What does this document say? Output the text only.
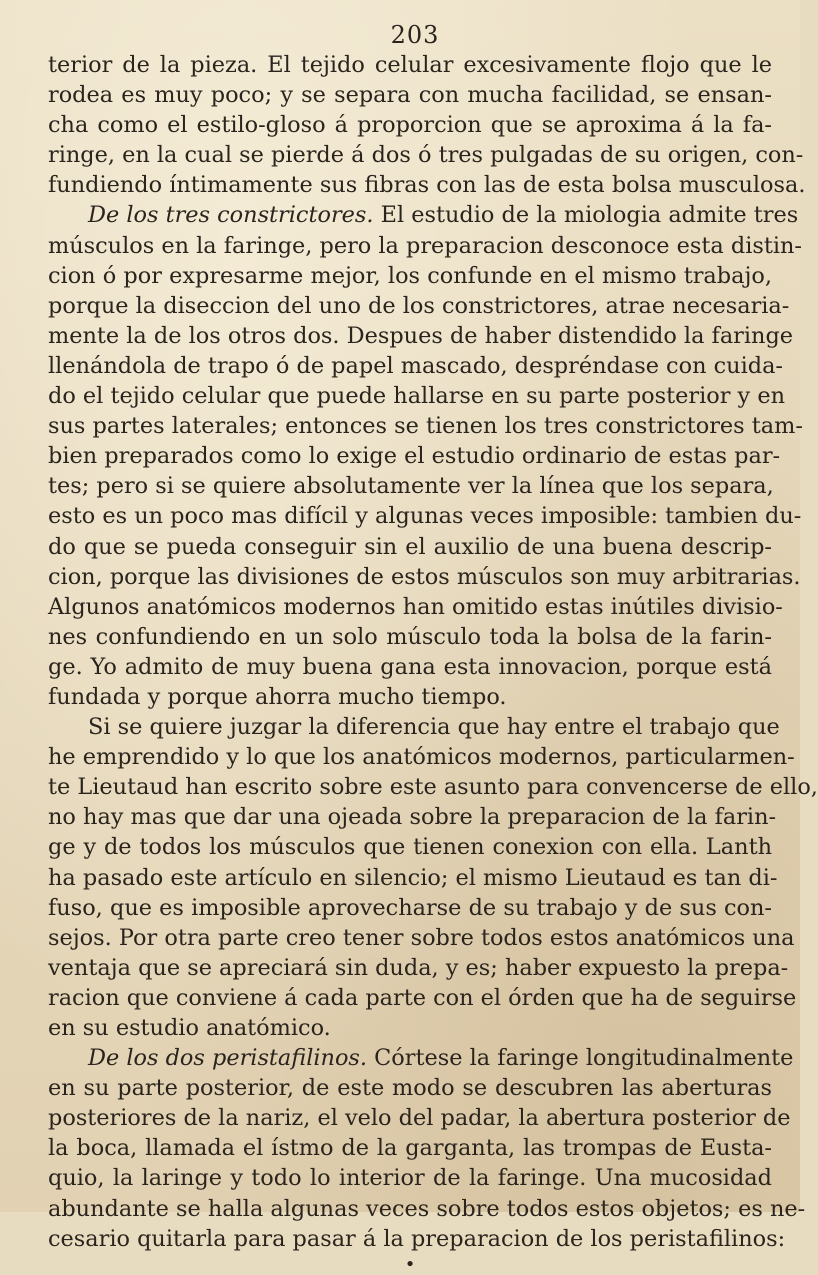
203
terior de la pieza. El tejido celular excesivamente flojo que le
rodea es muy poco; y se separa con mucha facilidad, se ensan-
cha como el estilo-gloso á proporcion que se aproxima á la fa-
ringe, en la cual se pierde á dos ó tres pulgadas de su origen, con-
fundiendo íntimamente sus fibras con las de esta bolsa musculosa.
De los tres constrictores. El estudio de la miologia admite tres
músculos en la faringe, pero la preparacion desconoce esta distin-
cion ó por expresarme mejor, los confunde en el mismo trabajo,
porque la diseccion del uno de los constrictores, atrae necesaria-
mente la de los otros dos. Despues de haber distendido la faringe
llenándola de trapo ó de papel mascado, despréndase con cuida-
do el tejido celular que puede hallarse en su parte posterior y en
sus partes laterales; entonces se tienen los tres constrictores tam-
bien preparados como lo exige el estudio ordinario de estas par-
tes; pero si se quiere absolutamente ver la línea que los separa,
esto es un poco mas difícil y algunas veces imposible: tambien du-
do que se pueda conseguir sin el auxilio de una buena descrip-
cion, porque las divisiones de estos músculos son muy arbitrarias.
Algunos anatómicos modernos han omitido estas inútiles divisio-
nes confundiendo en un solo músculo toda la bolsa de la farin-
ge. Yo admito de muy buena gana esta innovacion, porque está
fundada y porque ahorra mucho tiempo.
Si se quiere juzgar la diferencia que hay entre el trabajo que
he emprendido y lo que los anatómicos modernos, particularmen-
te Lieutaud han escrito sobre este asunto para convencerse de ello,
no hay mas que dar una ojeada sobre la preparacion de la farin-
ge y de todos los músculos que tienen conexion con ella. Lanth
ha pasado este artículo en silencio; el mismo Lieutaud es tan di-
fuso, que es imposible aprovecharse de su trabajo y de sus con-
sejos. Por otra parte creo tener sobre todos estos anatómicos una
ventaja que se apreciará sin duda, y es; haber expuesto la prepa-
racion que conviene á cada parte con el órden que ha de seguirse
en su estudio anatómico.
De los dos peristafilinos. Córtese la faringe longitudinalmente
en su parte posterior, de este modo se descubren las aberturas
posteriores de la nariz, el velo del padar, la abertura posterior de
la boca, llamada el ístmo de la garganta, las trompas de Eusta-
quio, la laringe y todo lo interior de la faringe. Una mucosidad
abundante se halla algunas veces sobre todos estos objetos; es ne-
cesario quitarla para pasar á la preparacion de los peristafilinos:
•
